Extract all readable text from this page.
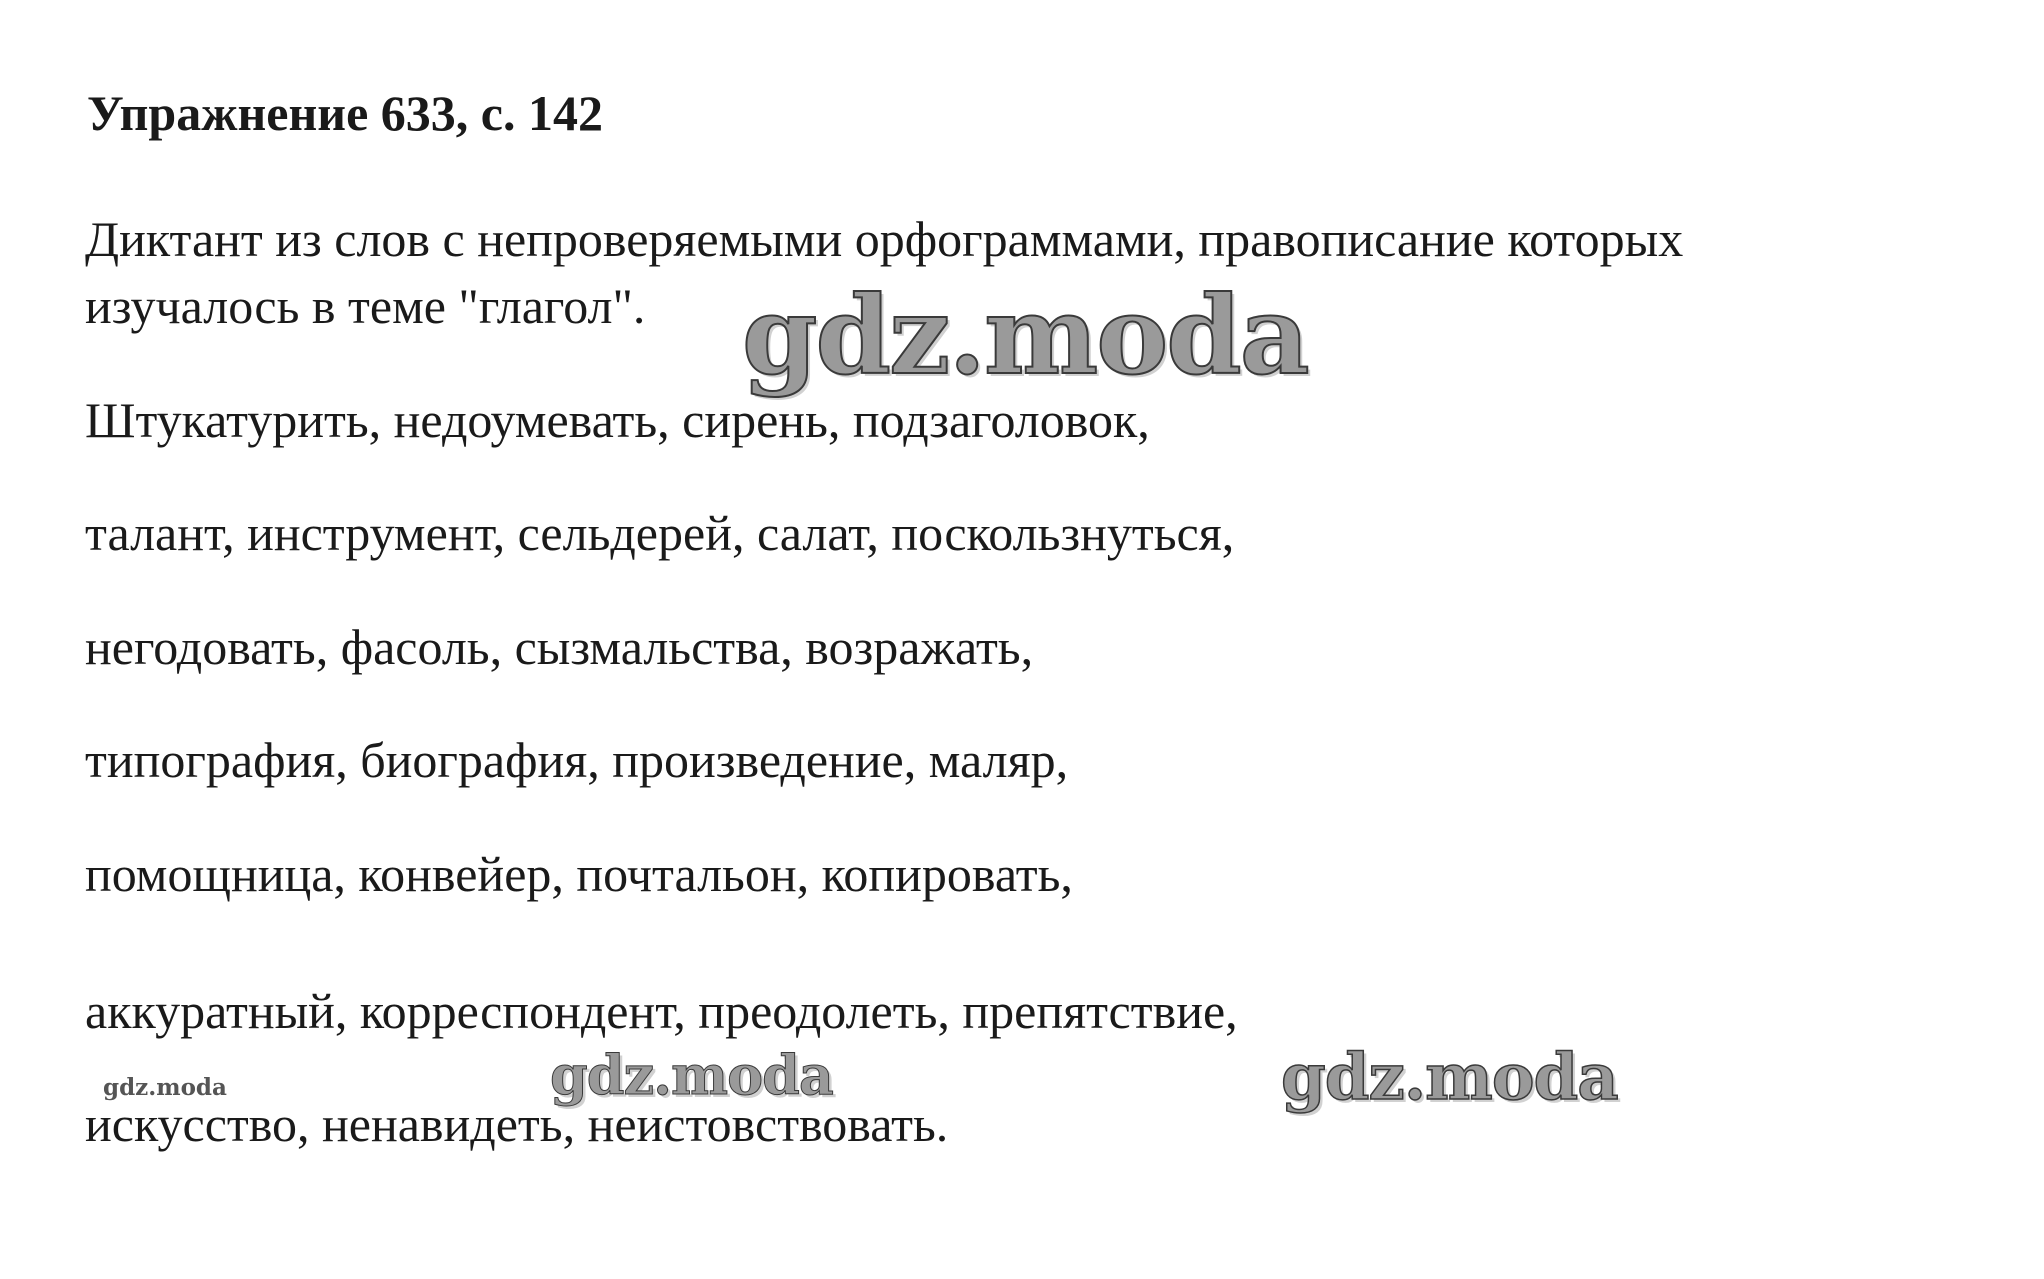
Упражнение 633, с. 142
Диктант из слов с непроверяемыми орфограммами, правописание которых
изучалось в теме "глагол".
Штукатурить, недоумевать, сирень, подзаголовок,
талант, инструмент, сельдерей, салат, поскользнуться,
негодовать, фасоль, сызмальства, возражать,
типография, биография, произведение, маляр,
помощница, конвейер, почтальон, копировать,
аккуратный, корреспондент, преодолеть, препятствие,
искусство, ненавидеть, неистовствовать.
gdz.moda
gdz.moda	gdz.moda
gdz.moda
